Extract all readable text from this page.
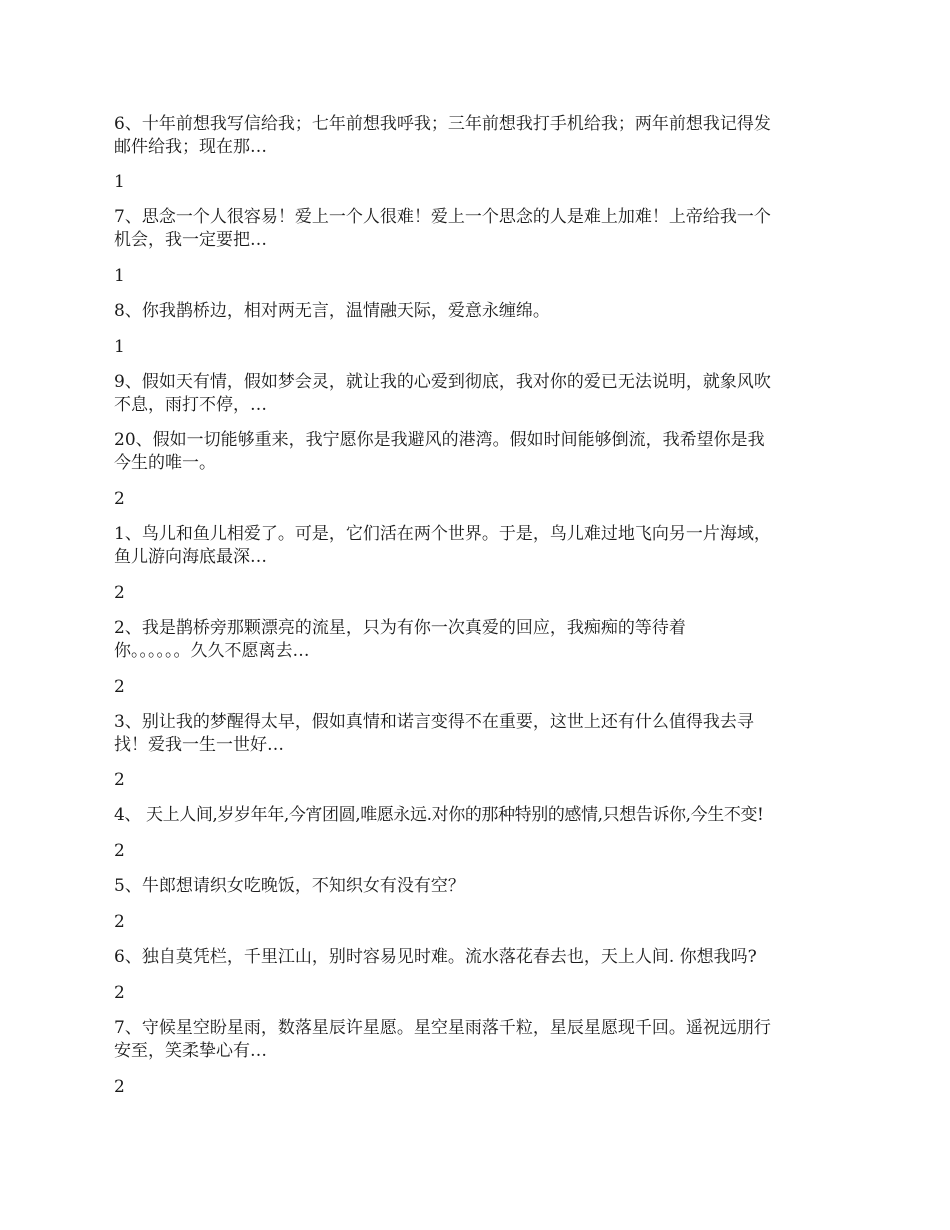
6、十年前想我写信给我；七年前想我呼我；三年前想我打手机给我；两年前想我记得发
邮件给我；现在那…
1
7、思念一个人很容易！爱上一个人很难！爱上一个思念的人是难上加难！上帝给我一个
机会，我一定要把…
1
8、你我鹊桥边，相对两无言，温情融天际，爱意永缠绵。
1
9、假如天有情，假如梦会灵，就让我的心爱到彻底，我对你的爱已无法说明，就象风吹
不息，雨打不停，…
20、假如一切能够重来，我宁愿你是我避风的港湾。假如时间能够倒流，我希望你是我
今生的唯一。
2
1、鸟儿和鱼儿相爱了。可是，它们活在两个世界。于是，鸟儿难过地飞向另一片海域，
鱼儿游向海底最深…
2
2、我是鹊桥旁那颗漂亮的流星，只为有你一次真爱的回应，我痴痴的等待着
你。。。。。。久久不愿离去…
2
3、别让我的梦醒得太早，假如真情和诺言变得不在重要，这世上还有什么值得我去寻
找！爱我一生一世好…
2
4、 天上人间,岁岁年年,今宵团圆,唯愿永远.对你的那种特别的感情,只想告诉你,今生不变!
2
5、牛郎想请织女吃晚饭，不知织女有没有空？
2
6、独自莫凭栏，千里江山，别时容易见时难。流水落花春去也，天上人间. 你想我吗?
2
7、守候星空盼星雨，数落星辰许星愿。星空星雨落千粒，星辰星愿现千回。遥祝远朋行
安至，笑柔挚心有…
2
